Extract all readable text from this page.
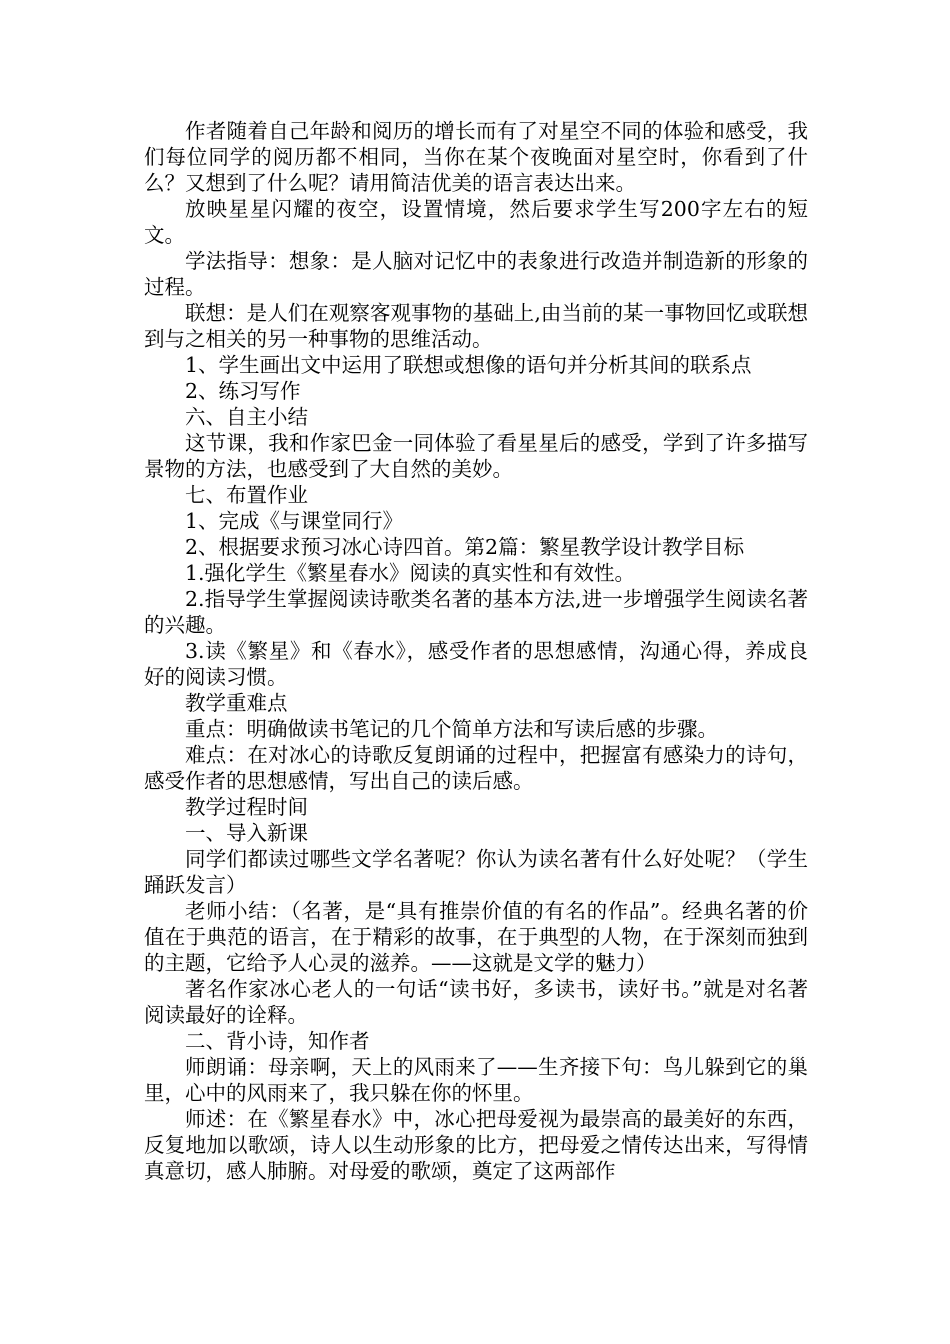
作者随着自己年龄和阅历的增长而有了对星空不同的体验和感受，我们每位同学的阅历都不相同，当你在某个夜晚面对星空时，你看到了什么？又想到了什么呢？请用简洁优美的语言表达出来。

放映星星闪耀的夜空，设置情境，然后要求学生写200字左右的短文。

学法指导：想象：是人脑对记忆中的表象进行改造并制造新的形象的过程。

联想：是人们在观察客观事物的基础上,由当前的某一事物回忆或联想到与之相关的另一种事物的思维活动。

1、学生画出文中运用了联想或想像的语句并分析其间的联系点

2、练习写作

六、自主小结

这节课，我和作家巴金一同体验了看星星后的感受，学到了许多描写景物的方法，也感受到了大自然的美妙。

七、布置作业

1、完成《与课堂同行》

2、根据要求预习冰心诗四首。第2篇：繁星教学设计教学目标

1.强化学生《繁星春水》阅读的真实性和有效性。

2.指导学生掌握阅读诗歌类名著的基本方法,进一步增强学生阅读名著的兴趣。

3.读《繁星》和《春水》，感受作者的思想感情，沟通心得，养成良好的阅读习惯。

教学重难点

重点：明确做读书笔记的几个简单方法和写读后感的步骤。

难点：在对冰心的诗歌反复朗诵的过程中，把握富有感染力的诗句，感受作者的思想感情，写出自己的读后感。

教学过程时间

一、导入新课

同学们都读过哪些文学名著呢？你认为读名著有什么好处呢？（学生踊跃发言）

老师小结：（名著，是“具有推崇价值的有名的作品”。经典名著的价值在于典范的语言，在于精彩的故事，在于典型的人物，在于深刻而独到的主题，它给予人心灵的滋养。——这就是文学的魅力）

著名作家冰心老人的一句话“读书好，多读书，读好书。”就是对名著阅读最好的诠释。

二、背小诗，知作者

师朗诵：母亲啊，天上的风雨来了——生齐接下句：鸟儿躲到它的巢里，心中的风雨来了，我只躲在你的怀里。

师述：在《繁星春水》中，冰心把母爱视为最崇高的最美好的东西，反复地加以歌颂，诗人以生动形象的比方，把母爱之情传达出来，写得情真意切，感人肺腑。对母爱的歌颂，奠定了这两部作
